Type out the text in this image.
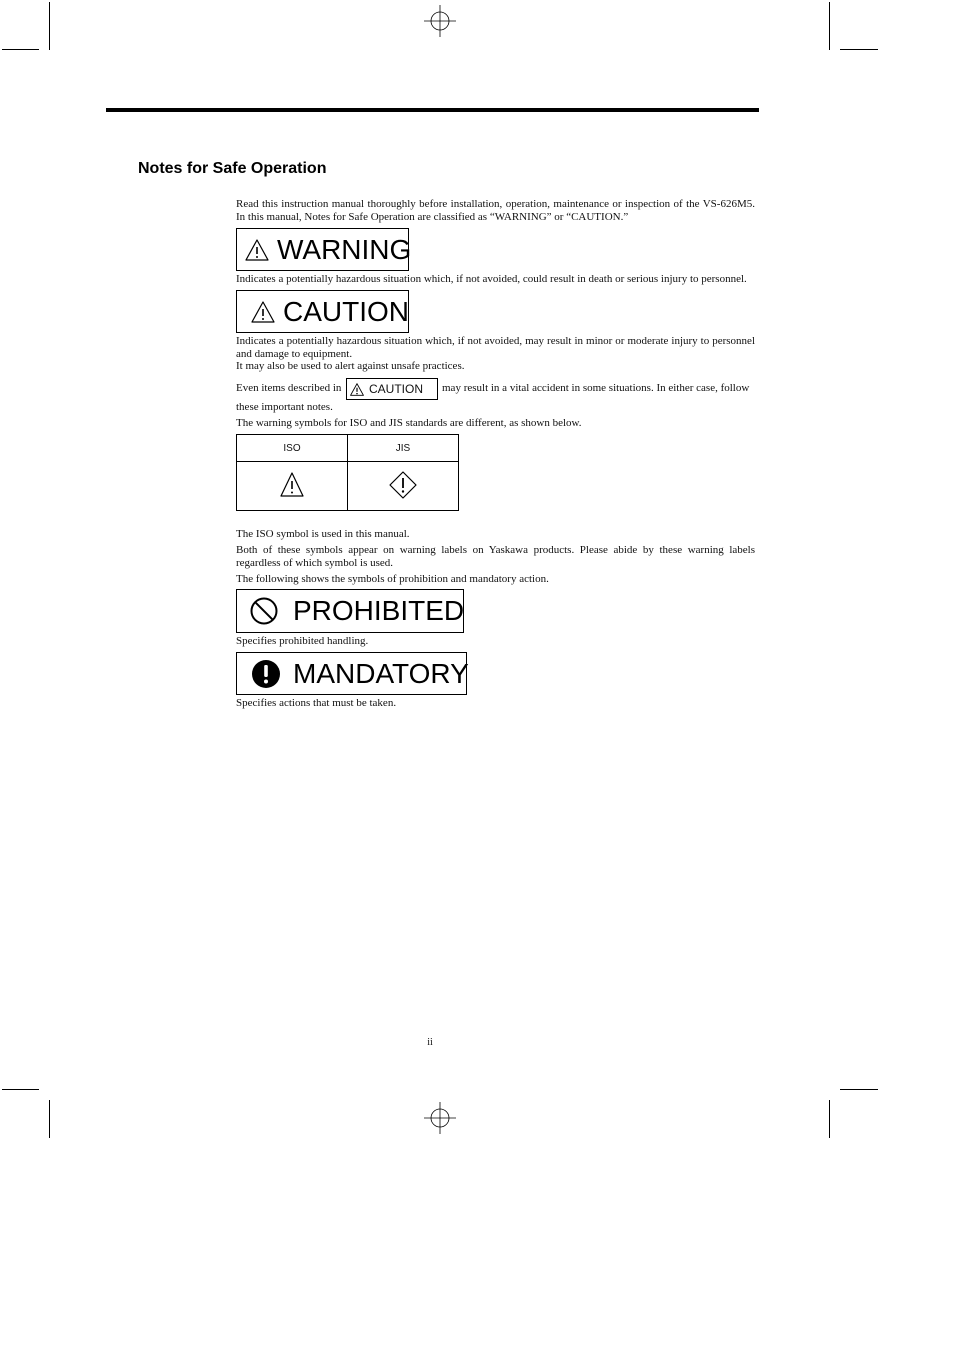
Notes for Safe Operation
Read this instruction manual thoroughly before installation, operation, maintenance or inspection of the VS-626M5. In this manual, Notes for Safe Operation are classified as “WARNING” or “CAUTION.”
WARNING
Indicates a potentially hazardous situation which, if not avoided, could result in death or serious injury to personnel.
CAUTION
Indicates a potentially hazardous situation which, if not avoided, may result in minor or moderate injury to personnel and damage to equipment.
It may also be used to alert against unsafe practices.
Even items described in CAUTION may result in a vital accident in some situations. In either case, follow
these important notes.
The warning symbols for ISO and JIS standards are different, as shown below.
ISO	JIS

The ISO symbol is used in this manual.
Both of these symbols appear on warning labels on Yaskawa products. Please abide by these warning labels regardless of which symbol is used.
The following shows the symbols of prohibition and mandatory action.
PROHIBITED
Specifies prohibited handling.
MANDATORY
Specifies actions that must be taken.
ii
